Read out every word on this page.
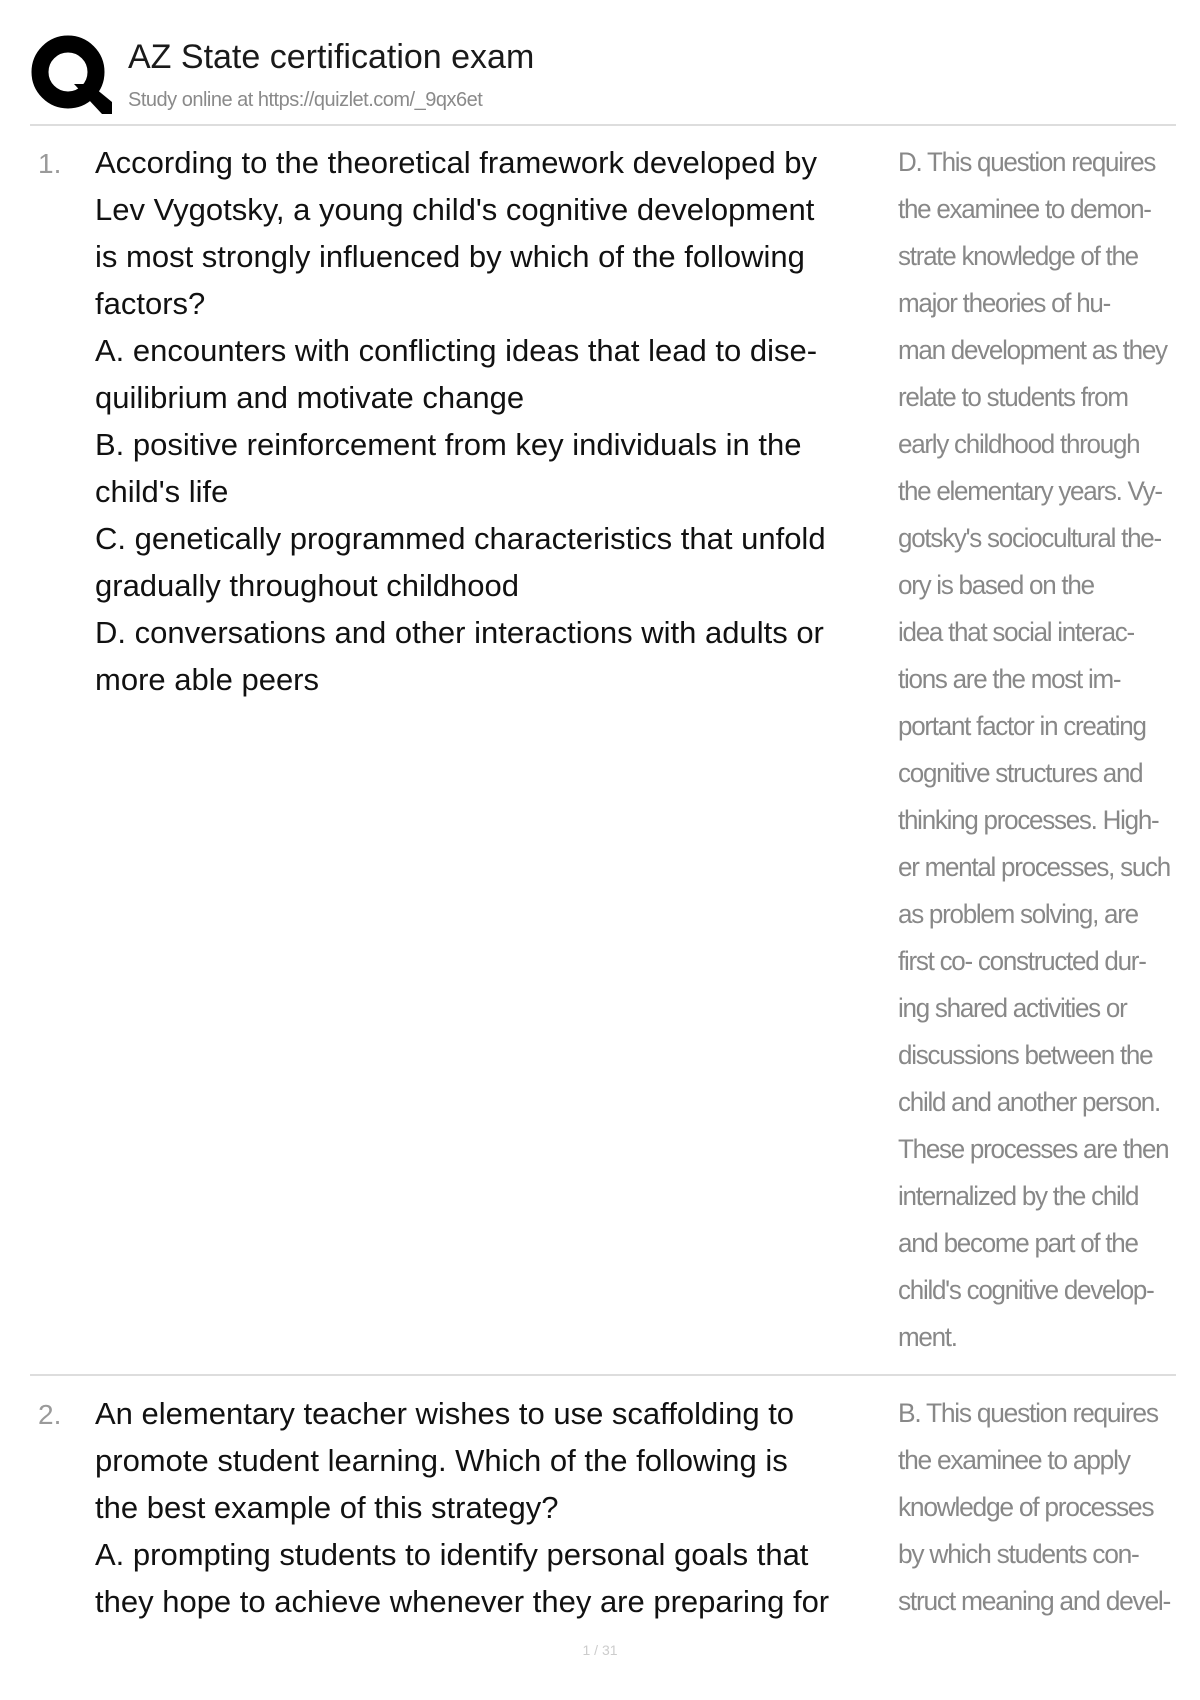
AZ State certification exam
Study online at https://quizlet.com/_9qx6et
1. According to the theoretical framework developed by
Lev Vygotsky, a young child's cognitive development
is most strongly influenced by which of the following
factors?
A. encounters with conflicting ideas that lead to dise-
quilibrium and motivate change
B. positive reinforcement from key individuals in the
child's life
C. genetically programmed characteristics that unfold
gradually throughout childhood
D. conversations and other interactions with adults or
more able peers
D. This question requires
the examinee to demon-
strate knowledge of the
major theories of hu-
man development as they
relate to students from
early childhood through
the elementary years. Vy-
gotsky's sociocultural the-
ory is based on the
idea that social interac-
tions are the most im-
portant factor in creating
cognitive structures and
thinking processes. High-
er mental processes, such
as problem solving, are
first co- constructed dur-
ing shared activities or
discussions between the
child and another person.
These processes are then
internalized by the child
and become part of the
child's cognitive develop-
ment.
2. An elementary teacher wishes to use scaffolding to
promote student learning. Which of the following is
the best example of this strategy?
A. prompting students to identify personal goals that
they hope to achieve whenever they are preparing for
B. This question requires
the examinee to apply
knowledge of processes
by which students con-
struct meaning and devel-
1 / 31
